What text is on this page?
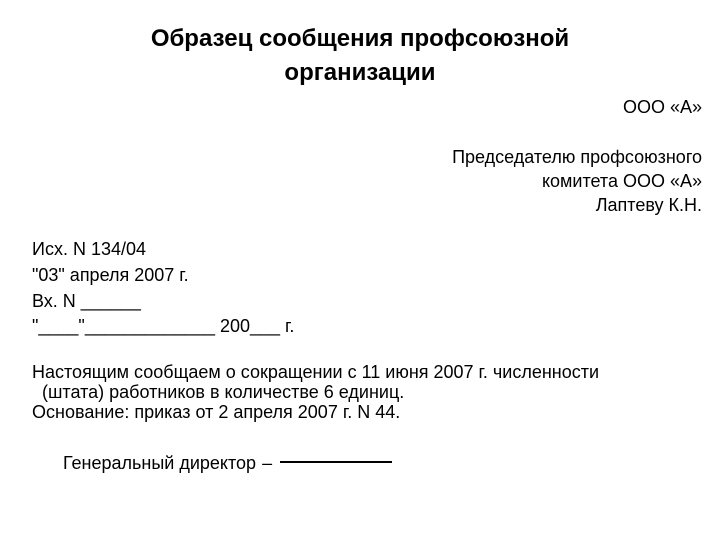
Образец сообщения профсоюзной
организации
ООО «А»
Председателю профсоюзного
комитета ООО «А»
Лаптеву К.Н.
Исх. N 134/04
"03" апреля 2007 г.
Вх. N ______
"____"_____________ 200___ г.
Настоящим сообщаем о сокращении с 11 июня 2007 г. численности
(штата) работников в количестве 6 единиц.
Основание: приказ от 2 апреля 2007 г. N 44.
Генеральный директор –
